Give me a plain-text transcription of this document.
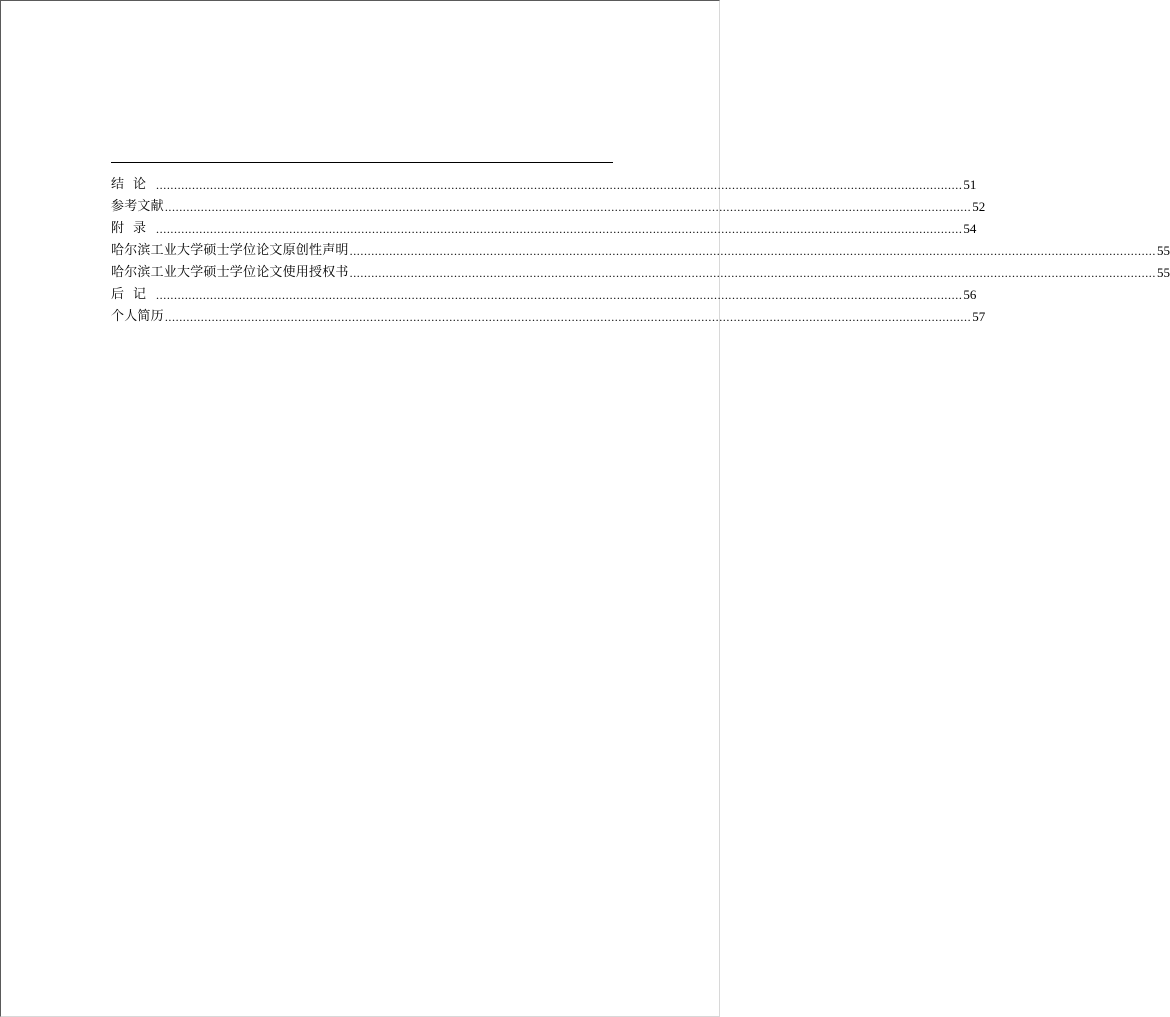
结论 ................................................................................................................................................................................................................................ 51
参考文献 ................................................................................................................................................................................................................................ 52
附录 ................................................................................................................................................................................................................................ 54
哈尔滨工业大学硕士学位论文原创性声明 ................................................................................................................................................................................................................................ 55
哈尔滨工业大学硕士学位论文使用授权书 ................................................................................................................................................................................................................................ 55
后记 ................................................................................................................................................................................................................................ 56
个人简历 ................................................................................................................................................................................................................................ 57
